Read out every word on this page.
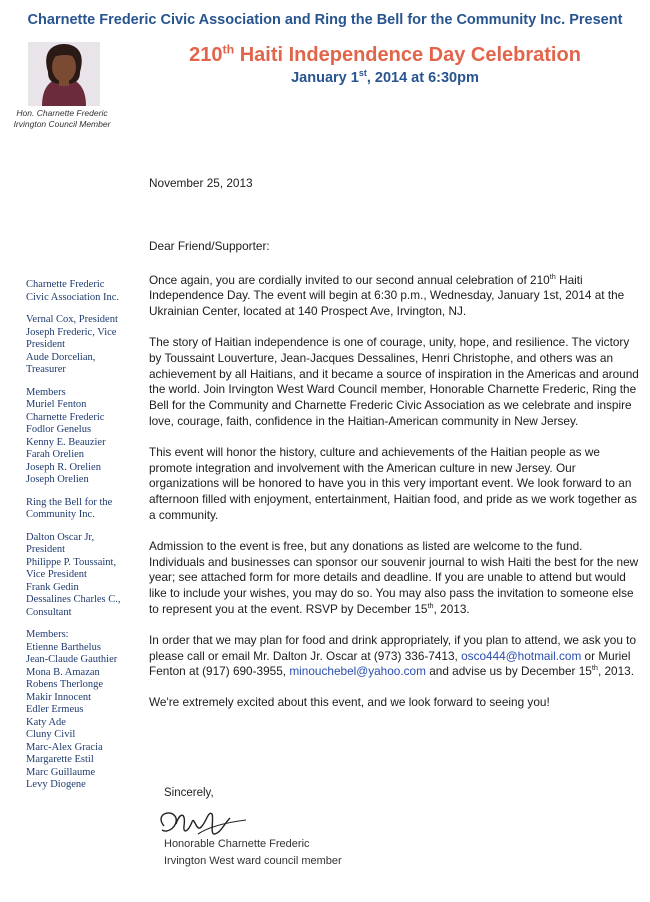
Charnette Frederic Civic Association and Ring the Bell for the Community Inc. Present
210th Haiti Independence Day Celebration
January 1st, 2014 at 6:30pm
Hon. Charnette Frederic
Irvington Council Member
Charnette Frederic
Civic Association Inc.
Vernal Cox, President
Joseph Frederic, Vice
President
Aude Dorcelian,
Treasurer
Members
Muriel Fenton
Charnette Frederic
Fodlor Genelus
Kenny E. Beauzier
Farah Orelien
Joseph R. Orelien
Joseph Orelien
Ring the Bell for the
Community Inc.
Dalton Oscar Jr,
President
Philippe P. Toussaint,
Vice President
Frank Gedin
Dessalines Charles C.,
Consultant
Members:
Etienne Barthelus
Jean-Claude Gauthier
Mona B. Amazan
Robens Therlonge
Makir Innocent
Edler Ermeus
Katy Ade
Cluny Civil
Marc-Alex Gracia
Margarette Estil
Marc Guillaume
Levy Diogene
November 25, 2013
Dear Friend/Supporter:

Once again, you are cordially invited to our second annual celebration of 210th Haiti Independence Day. The event will begin at 6:30 p.m., Wednesday, January 1st, 2014 at the Ukrainian Center, located at 140 Prospect Ave, Irvington, NJ.

The story of Haitian independence is one of courage, unity, hope, and resilience. The victory by Toussaint Louverture, Jean-Jacques Dessalines, Henri Christophe, and others was an achievement by all Haitians, and it became a source of inspiration in the Americas and around the world. Join Irvington West Ward Council member, Honorable Charnette Frederic, Ring the Bell for the Community and Charnette Frederic Civic Association as we celebrate and inspire love, courage, faith, confidence in the Haitian-American community in New Jersey.

This event will honor the history, culture and achievements of the Haitian people as we promote integration and involvement with the American culture in new Jersey. Our organizations will be honored to have you in this very important event. We look forward to an afternoon filled with enjoyment, entertainment, Haitian food, and pride as we work together as a community.

Admission to the event is free, but any donations as listed are welcome to the fund. Individuals and businesses can sponsor our souvenir journal to wish Haiti the best for the new year; see attached form for more details and deadline. If you are unable to attend but would like to include your wishes, you may do so. You may also pass the invitation to someone else to represent you at the event. RSVP by December 15th, 2013.

In order that we may plan for food and drink appropriately, if you plan to attend, we ask you to please call or email Mr. Dalton Jr. Oscar at (973) 336-7413, osco444@hotmail.com or Muriel Fenton at (917) 690-3955, minouchebel@yahoo.com and advise us by December 15th, 2013.

We're extremely excited about this event, and we look forward to seeing you!

Sincerely,
Honorable Charnette Frederic
Irvington West ward council member
